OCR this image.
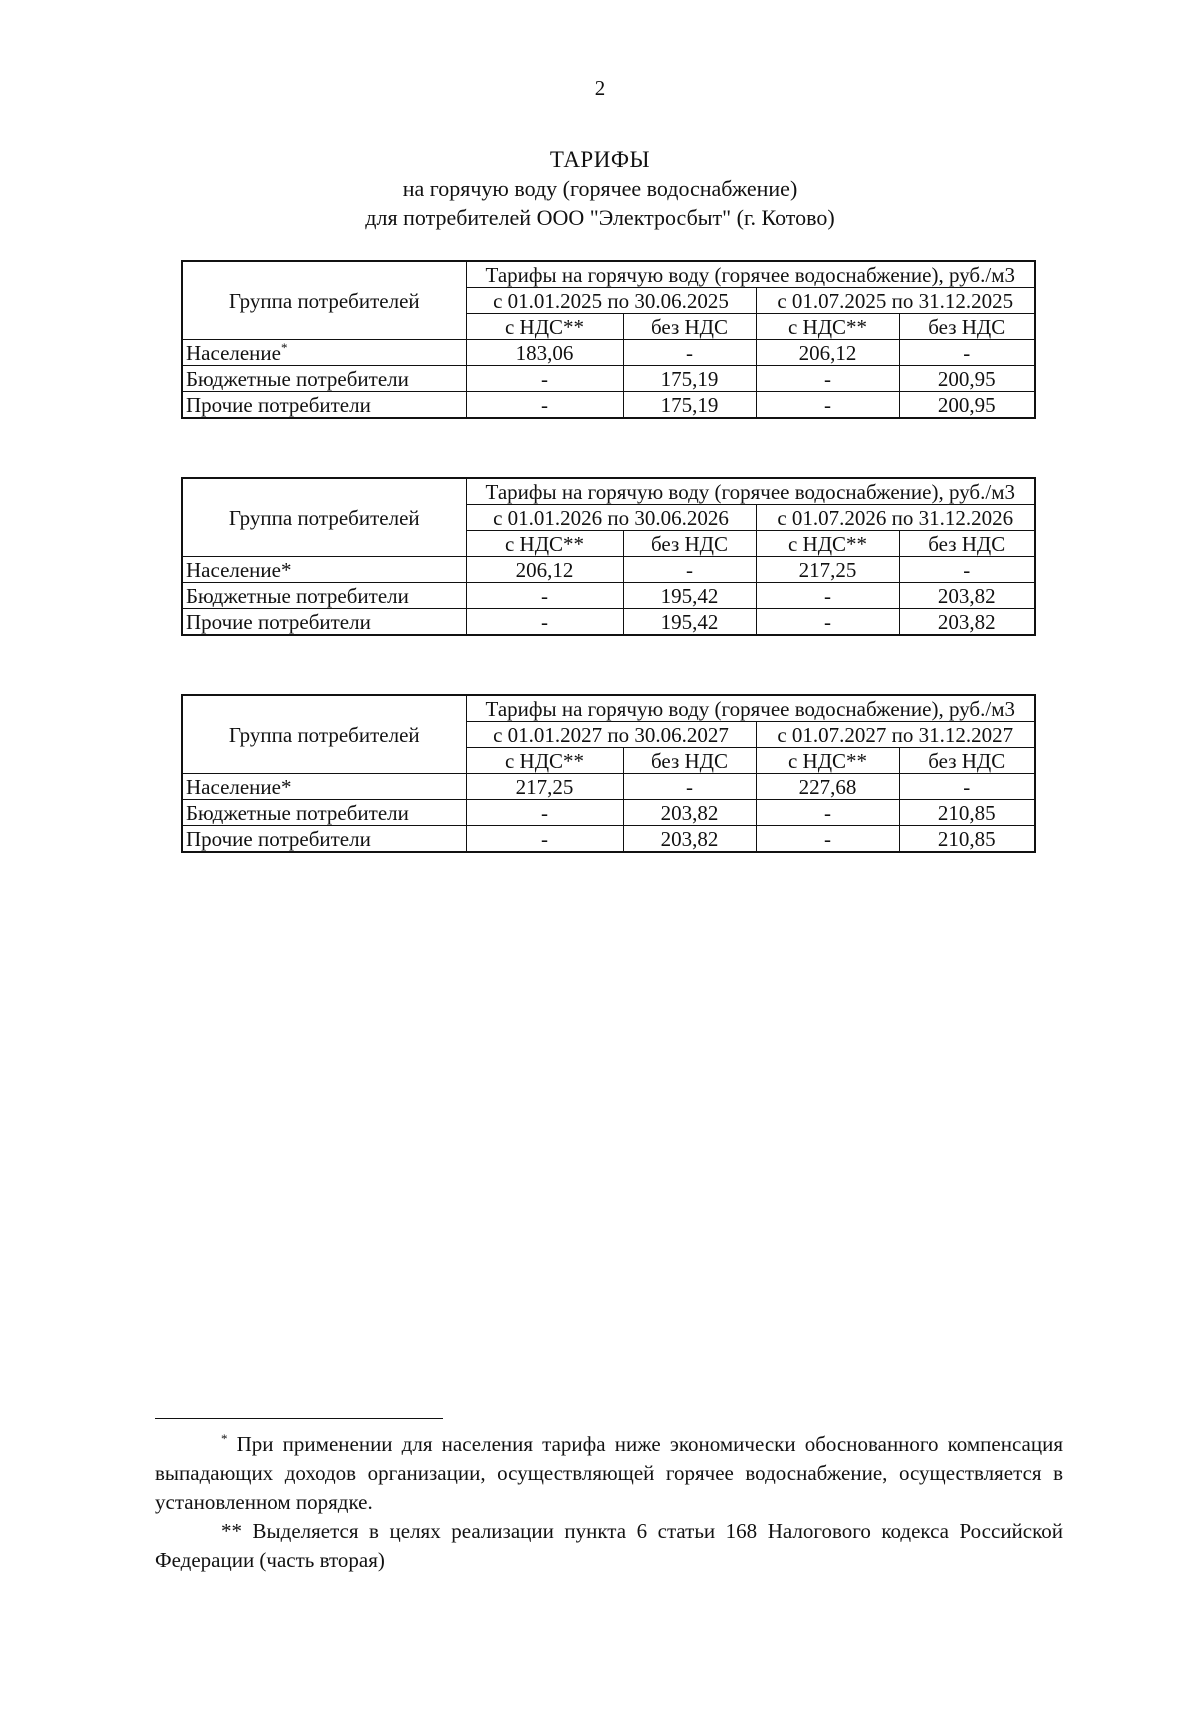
2
ТАРИФЫ
на горячую воду (горячее водоснабжение)
для потребителей ООО "Электросбыт" (г. Котово)
Группа потребителей	Тарифы на горячую воду (горячее водоснабжение), руб./м3			
	с 01.01.2025 по 30.06.2025		с 01.07.2025 по 31.12.2025	
	с НДС**	без НДС	с НДС**	без НДС
Население*	183,06	-	206,12	-
Бюджетные потребители	-	175,19	-	200,95
Прочие потребители	-	175,19	-	200,95
Группа потребителей	Тарифы на горячую воду (горячее водоснабжение), руб./м3			
	с 01.01.2026 по 30.06.2026		с 01.07.2026 по 31.12.2026	
	с НДС**	без НДС	с НДС**	без НДС
Население*	206,12	-	217,25	-
Бюджетные потребители	-	195,42	-	203,82
Прочие потребители	-	195,42	-	203,82
Группа потребителей	Тарифы на горячую воду (горячее водоснабжение), руб./м3			
	с 01.01.2027 по 30.06.2027		с 01.07.2027 по 31.12.2027	
	с НДС**	без НДС	с НДС**	без НДС
Население*	217,25	-	227,68	-
Бюджетные потребители	-	203,82	-	210,85
Прочие потребители	-	203,82	-	210,85

* При применении для населения тарифа ниже экономически обоснованного компенсация выпадающих доходов организации, осуществляющей горячее водоснабжение, осуществляется в установленном порядке.

** Выделяется в целях реализации пункта 6 статьи 168 Налогового кодекса Российской Федерации (часть вторая)
